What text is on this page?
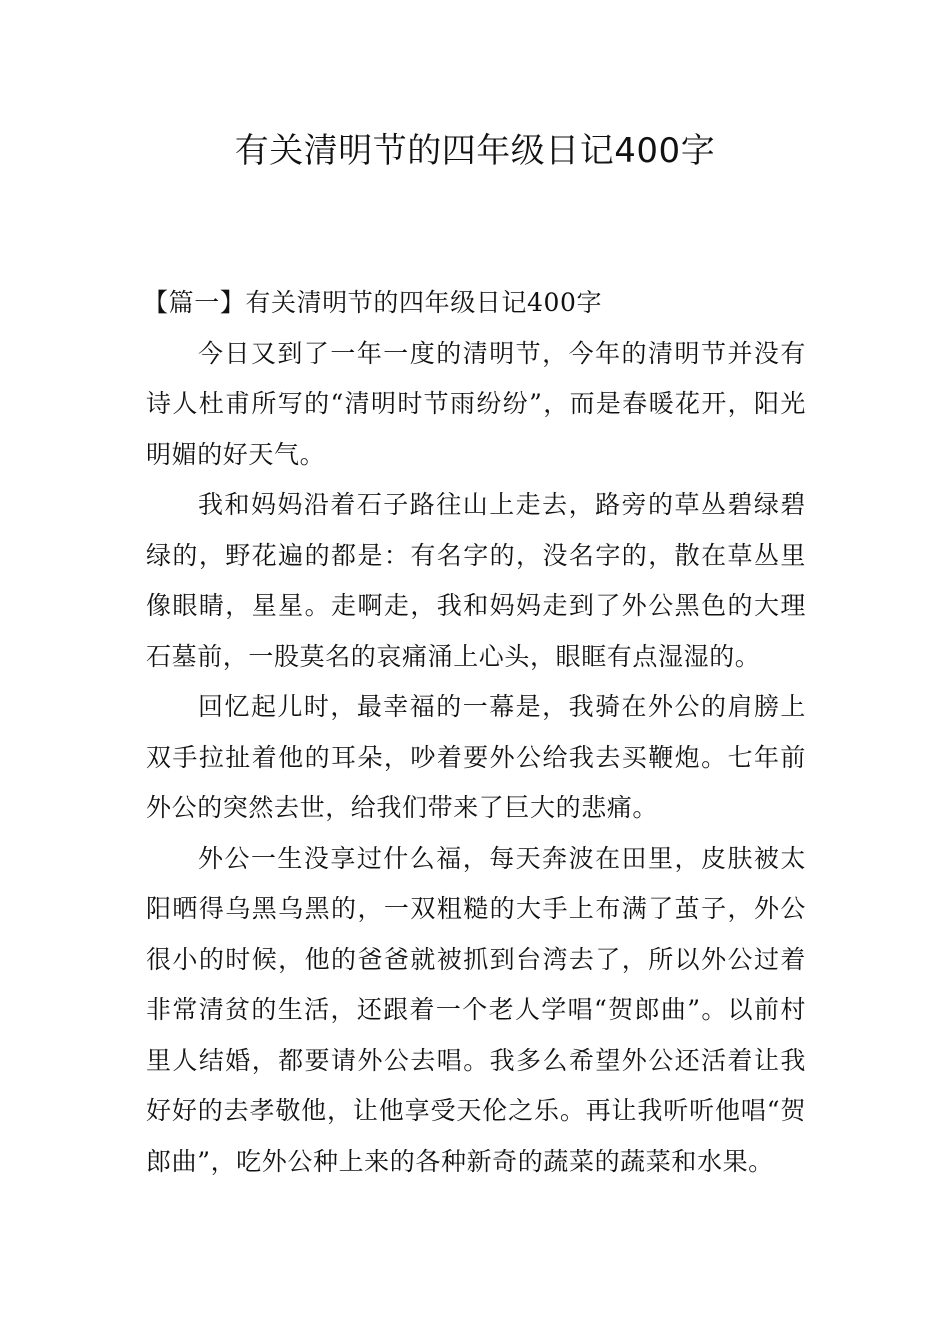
有关清明节的四年级日记400字
【篇一】有关清明节的四年级日记400字

今日又到了一年一度的清明节，今年的清明节并没有诗人杜甫所写的“清明时节雨纷纷”，而是春暖花开，阳光明媚的好天气。

我和妈妈沿着石子路往山上走去，路旁的草丛碧绿碧绿的，野花遍的都是：有名字的，没名字的，散在草丛里像眼睛，星星。走啊走，我和妈妈走到了外公黑色的大理石墓前，一股莫名的哀痛涌上心头，眼眶有点湿湿的。

回忆起儿时，最幸福的一幕是，我骑在外公的肩膀上双手拉扯着他的耳朵，吵着要外公给我去买鞭炮。七年前外公的突然去世，给我们带来了巨大的悲痛。

外公一生没享过什么福，每天奔波在田里，皮肤被太阳晒得乌黑乌黑的，一双粗糙的大手上布满了茧子，外公很小的时候，他的爸爸就被抓到台湾去了，所以外公过着非常清贫的生活，还跟着一个老人学唱“贺郎曲”。以前村里人结婚，都要请外公去唱。我多么希望外公还活着让我好好的去孝敬他，让他享受天伦之乐。再让我听听他唱“贺郎曲”，吃外公种上来的各种新奇的蔬菜的蔬菜和水果。
